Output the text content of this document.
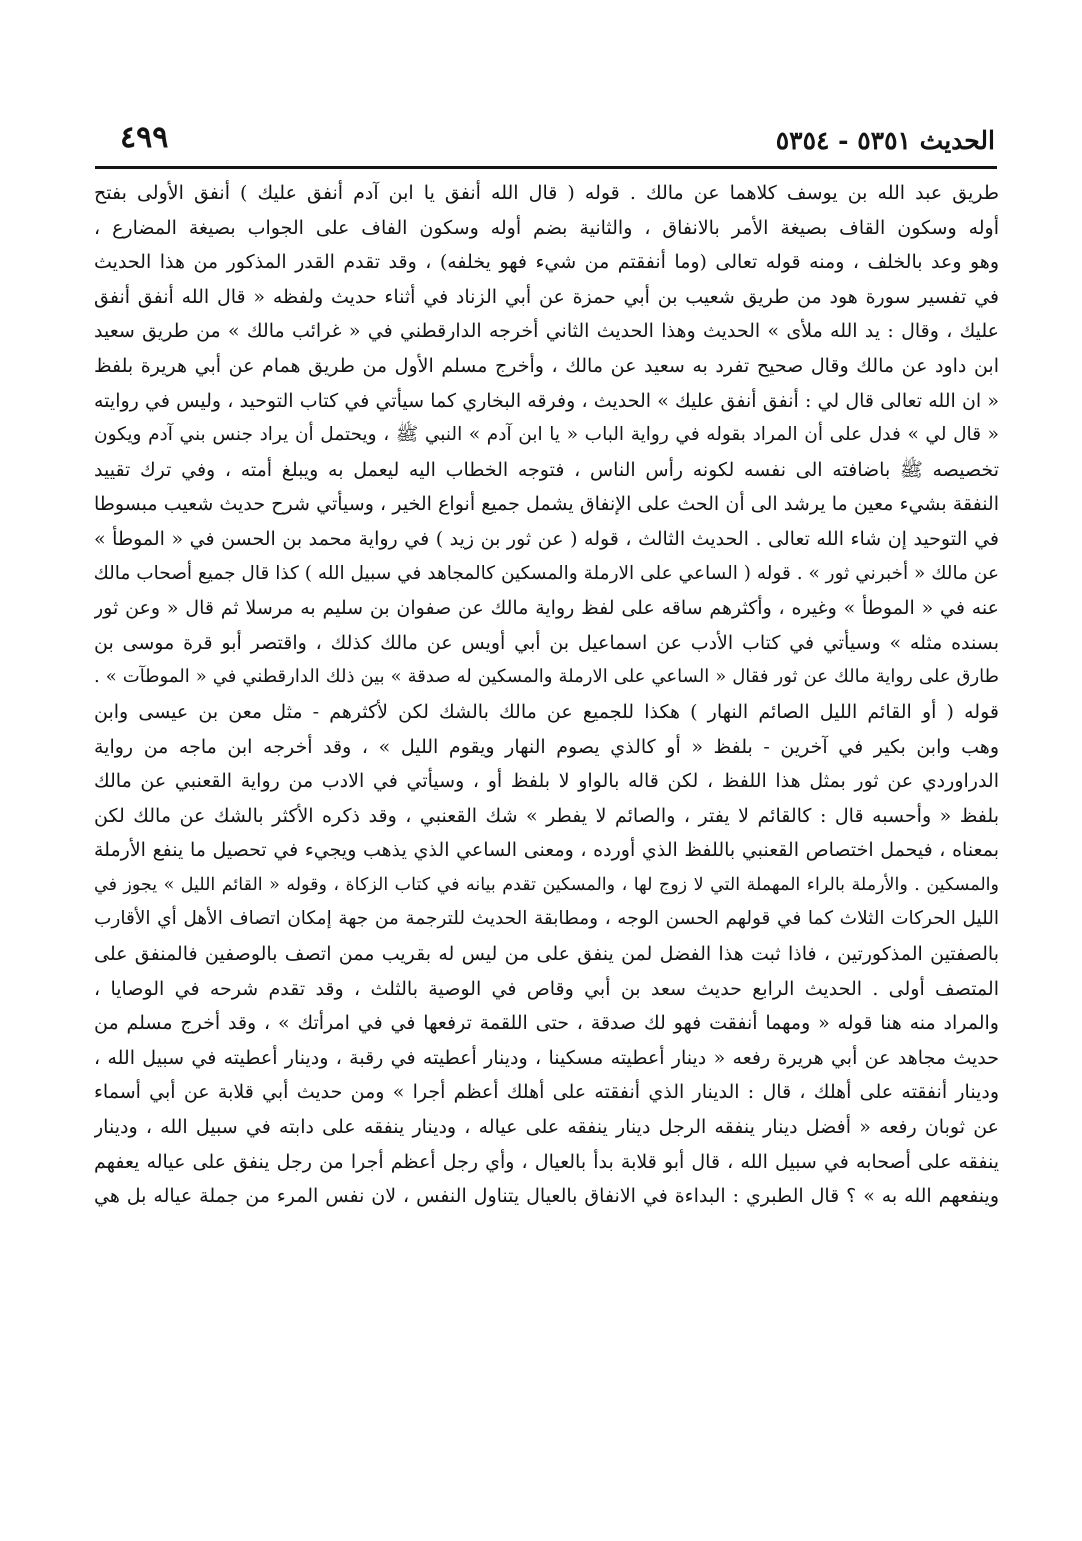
الحديث ٥٣٥١ - ٥٣٥٤
٤٩٩
طريق عبد الله بن يوسف كلاهما عن مالك . قوله ( قال الله أنفق يا ابن آدم أنفق عليك ) أنفق الأولى بفتح
أوله وسكون القاف بصيغة الأمر بالانفاق ، والثانية بضم أوله وسكون الفاف على الجواب بصيغة المضارع ،
وهو وعد بالخلف ، ومنه قوله تعالى (وما أنفقتم من شيء فهو يخلفه) ، وقد تقدم القدر المذكور من هذا الحديث
في تفسير سورة هود من طريق شعيب بن أبي حمزة عن أبي الزناد في أثناء حديث ولفظه « قال الله أنفق أنفق
عليك ، وقال : يد الله ملأى » الحديث وهذا الحديث الثاني أخرجه الدارقطني في « غرائب مالك » من طريق سعيد
ابن داود عن مالك وقال صحيح تفرد به سعيد عن مالك ، وأخرج مسلم الأول من طريق همام عن أبي هريرة بلفظ
« ان الله تعالى قال لي : أنفق أنفق عليك » الحديث ، وفرقه البخاري كما سيأتي في كتاب التوحيد ، وليس في روايته
« قال لي » فدل على أن المراد بقوله في رواية الباب « يا ابن آدم » النبي ﷺ ، ويحتمل أن يراد جنس بني آدم ويكون
تخصيصه ﷺ باضافته الى نفسه لكونه رأس الناس ، فتوجه الخطاب اليه ليعمل به ويبلغ أمته ، وفي ترك تقييد
النفقة بشيء معين ما يرشد الى أن الحث على الإنفاق يشمل جميع أنواع الخير ، وسيأتي شرح حديث شعيب مبسوطا
في التوحيد إن شاء الله تعالى . الحديث الثالث ، قوله ( عن ثور بن زيد ) في رواية محمد بن الحسن في « الموطأ »
عن مالك « أخبرني ثور » . قوله ( الساعي على الارملة والمسكين كالمجاهد في سبيل الله ) كذا قال جميع أصحاب مالك
عنه في « الموطأ » وغيره ، وأكثرهم ساقه على لفظ رواية مالك عن صفوان بن سليم به مرسلا ثم قال « وعن ثور
بسنده مثله » وسيأتي في كتاب الأدب عن اسماعيل بن أبي أويس عن مالك كذلك ، واقتصر أبو قرة موسى بن
طارق على رواية مالك عن ثور فقال « الساعي على الارملة والمسكين له صدقة » بين ذلك الدارقطني في « الموطآت » .
قوله ( أو القائم الليل الصائم النهار ) هكذا للجميع عن مالك بالشك لكن لأكثرهم - مثل معن بن عيسى وابن
وهب وابن بكير في آخرين - بلفظ « أو كالذي يصوم النهار ويقوم الليل » ، وقد أخرجه ابن ماجه من رواية
الدراوردي عن ثور بمثل هذا اللفظ ، لكن قاله بالواو لا بلفظ أو ، وسيأتي في الادب من رواية القعنبي عن مالك
بلفظ « وأحسبه قال : كالقائم لا يفتر ، والصائم لا يفطر » شك القعنبي ، وقد ذكره الأكثر بالشك عن مالك لكن
بمعناه ، فيحمل اختصاص القعنبي باللفظ الذي أورده ، ومعنى الساعي الذي يذهب ويجيء في تحصيل ما ينفع الأرملة
والمسكين . والأرملة بالراء المهملة التي لا زوج لها ، والمسكين تقدم بيانه في كتاب الزكاة ، وقوله « القائم الليل » يجوز في
الليل الحركات الثلاث كما في قولهم الحسن الوجه ، ومطابقة الحديث للترجمة من جهة إمكان اتصاف الأهل أي الأقارب
بالصفتين المذكورتين ، فاذا ثبت هذا الفضل لمن ينفق على من ليس له بقريب ممن اتصف بالوصفين فالمنفق على
المتصف أولى . الحديث الرابع حديث سعد بن أبي وقاص في الوصية بالثلث ، وقد تقدم شرحه في الوصايا ،
والمراد منه هنا قوله « ومهما أنفقت فهو لك صدقة ، حتى اللقمة ترفعها في في امرأتك » ، وقد أخرج مسلم من
حديث مجاهد عن أبي هريرة رفعه « دينار أعطيته مسكينا ، ودينار أعطيته في رقبة ، ودينار أعطيته في سبيل الله ،
ودينار أنفقته على أهلك ، قال : الدينار الذي أنفقته على أهلك أعظم أجرا » ومن حديث أبي قلابة عن أبي أسماء
عن ثوبان رفعه « أفضل دينار ينفقه الرجل دينار ينفقه على عياله ، ودينار ينفقه على دابته في سبيل الله ، ودينار
ينفقه على أصحابه في سبيل الله ، قال أبو قلابة بدأ بالعيال ، وأي رجل أعظم أجرا من رجل ينفق على عياله يعفهم
وينفعهم الله به » ؟ قال الطبري : البداءة في الانفاق بالعيال يتناول النفس ، لان نفس المرء من جملة عياله بل هي
